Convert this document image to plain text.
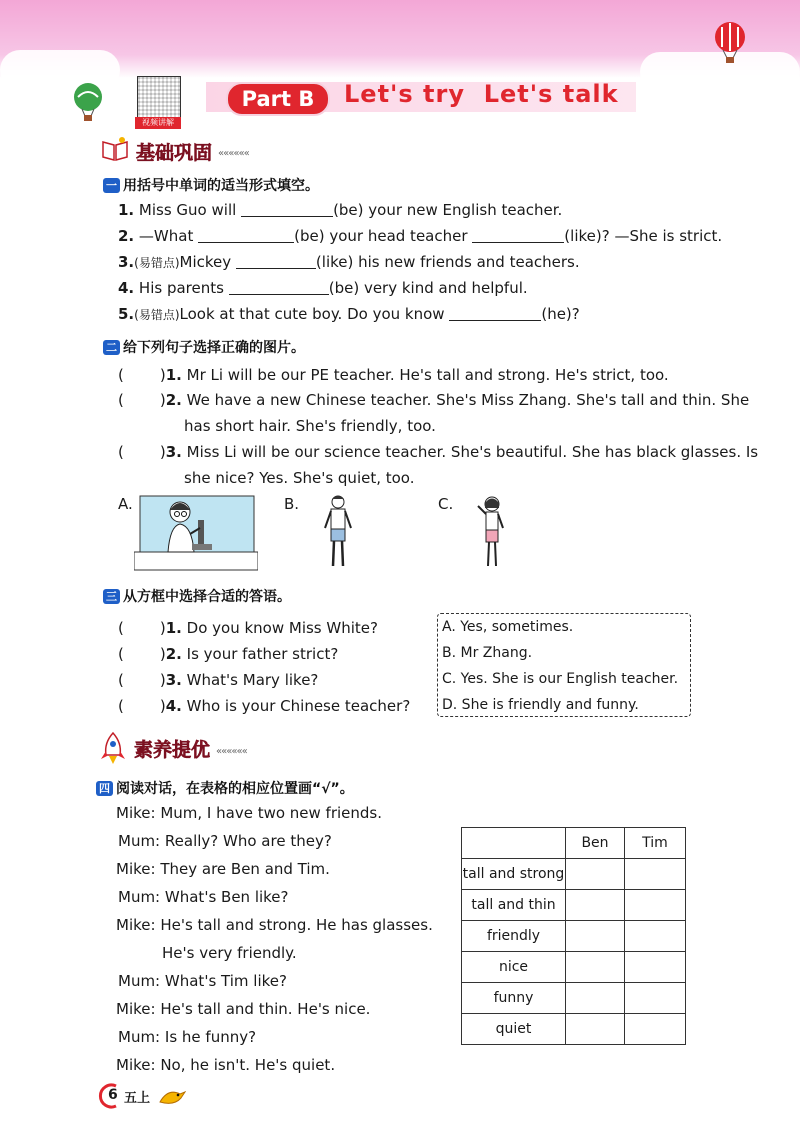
视频讲解
Part B	Let's try  Let's talk
基础巩固 ««««««
一 用括号中单词的适当形式填空。
1. Miss Guo will	(be) your new English teacher.
2. —What	(be) your head teacher	(like)? —She is strict.
3.(易错点)Mickey	(like) his new friends and teachers.
4. His parents	(be) very kind and helpful.
5.(易错点)Look at that cute boy. Do you know	(he)?
二 给下列句子选择正确的图片。
( )1. Mr Li will be our PE teacher. He's tall and strong. He's strict, too.
( )2. We have a new Chinese teacher. She's Miss Zhang. She's tall and thin. She
has short hair. She's friendly, too.
( )3. Miss Li will be our science teacher. She's beautiful. She has black glasses. Is
she nice? Yes. She's quiet, too.
A.	B.	C.
三 从方框中选择合适的答语。
( )1. Do you know Miss White?
( )2. Is your father strict?
( )3. What's Mary like?
( )4. Who is your Chinese teacher?
A. Yes, sometimes.
B. Mr Zhang.
C. Yes. She is our English teacher.
D. She is friendly and funny.
素养提优 ««««««
四 阅读对话，在表格的相应位置画“√”。
Mike: Mum, I have two new friends.
Mum: Really? Who are they?
Mike: They are Ben and Tim.
Mum: What's Ben like?
Mike: He's tall and strong. He has glasses.
He's very friendly.
Mum: What's Tim like?
Mike: He's tall and thin. He's nice.
Mum: Is he funny?
Mike: No, he isn't. He's quiet.
	Ben	Tim
tall and strong		
tall and thin		
friendly		
nice		
funny		
quiet		
6 五上
